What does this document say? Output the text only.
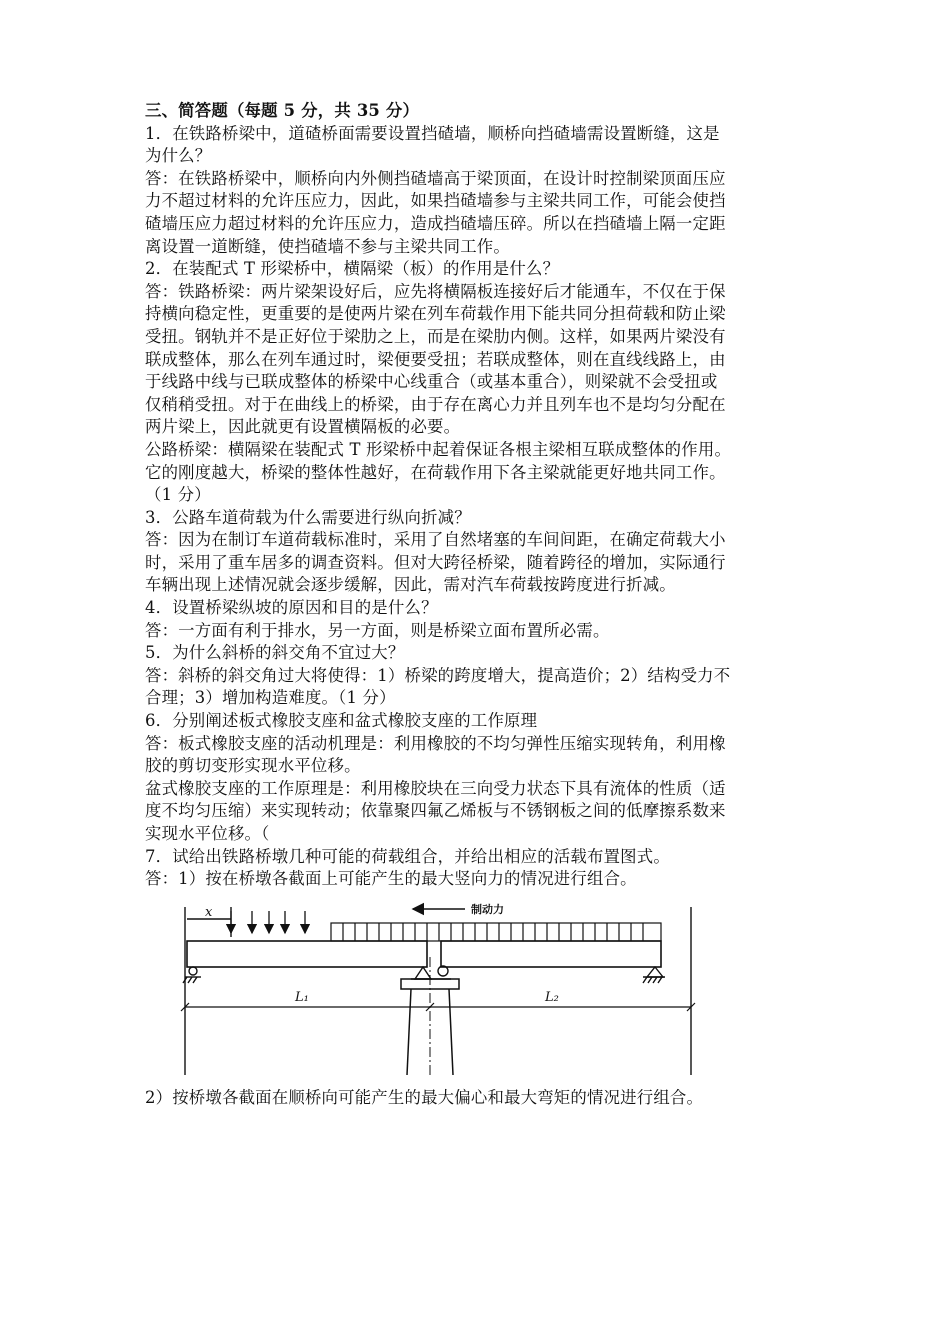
三、简答题（每题 5 分，共 35 分）
1．在铁路桥梁中，道碴桥面需要设置挡碴墙，顺桥向挡碴墙需设置断缝，这是
为什么？
答：在铁路桥梁中，顺桥向内外侧挡碴墙高于梁顶面，在设计时控制梁顶面压应
力不超过材料的允许压应力，因此，如果挡碴墙参与主梁共同工作，可能会使挡
碴墙压应力超过材料的允许压应力，造成挡碴墙压碎。所以在挡碴墙上隔一定距
离设置一道断缝，使挡碴墙不参与主梁共同工作。
2．在装配式 T 形梁桥中，横隔梁（板）的作用是什么？
答：铁路桥梁：两片梁架设好后，应先将横隔板连接好后才能通车，不仅在于保
持横向稳定性，更重要的是使两片梁在列车荷载作用下能共同分担荷载和防止梁
受扭。钢轨并不是正好位于梁肋之上，而是在梁肋内侧。这样，如果两片梁没有
联成整体，那么在列车通过时，梁便要受扭；若联成整体，则在直线线路上，由
于线路中线与已联成整体的桥梁中心线重合（或基本重合），则梁就不会受扭或
仅稍稍受扭。对于在曲线上的桥梁，由于存在离心力并且列车也不是均匀分配在
两片梁上，因此就更有设置横隔板的必要。
公路桥梁：横隔梁在装配式 T 形梁桥中起着保证各根主梁相互联成整体的作用。
它的刚度越大，桥梁的整体性越好，在荷载作用下各主梁就能更好地共同工作。
（1 分）
3．公路车道荷载为什么需要进行纵向折减？
答：因为在制订车道荷载标准时，采用了自然堵塞的车间间距，在确定荷载大小
时，采用了重车居多的调查资料。但对大跨径桥梁，随着跨径的增加，实际通行
车辆出现上述情况就会逐步缓解，因此，需对汽车荷载按跨度进行折减。
4．设置桥梁纵坡的原因和目的是什么？
答：一方面有利于排水，另一方面，则是桥梁立面布置所必需。
5．为什么斜桥的斜交角不宜过大？
答：斜桥的斜交角过大将使得：1）桥梁的跨度增大，提高造价；2）结构受力不
合理；3）增加构造难度。（1 分）
6．分别阐述板式橡胶支座和盆式橡胶支座的工作原理
答：板式橡胶支座的活动机理是：利用橡胶的不均匀弹性压缩实现转角，利用橡
胶的剪切变形实现水平位移。
盆式橡胶支座的工作原理是：利用橡胶块在三向受力状态下具有流体的性质（适
度不均匀压缩）来实现转动；依靠聚四氟乙烯板与不锈钢板之间的低摩擦系数来
实现水平位移。（
7．试给出铁路桥墩几种可能的荷载组合，并给出相应的活载布置图式。
答：1）按在桥墩各截面上可能产生的最大竖向力的情况进行组合。
x	制动力
L₁	L₂
2）按桥墩各截面在顺桥向可能产生的最大偏心和最大弯矩的情况进行组合。
